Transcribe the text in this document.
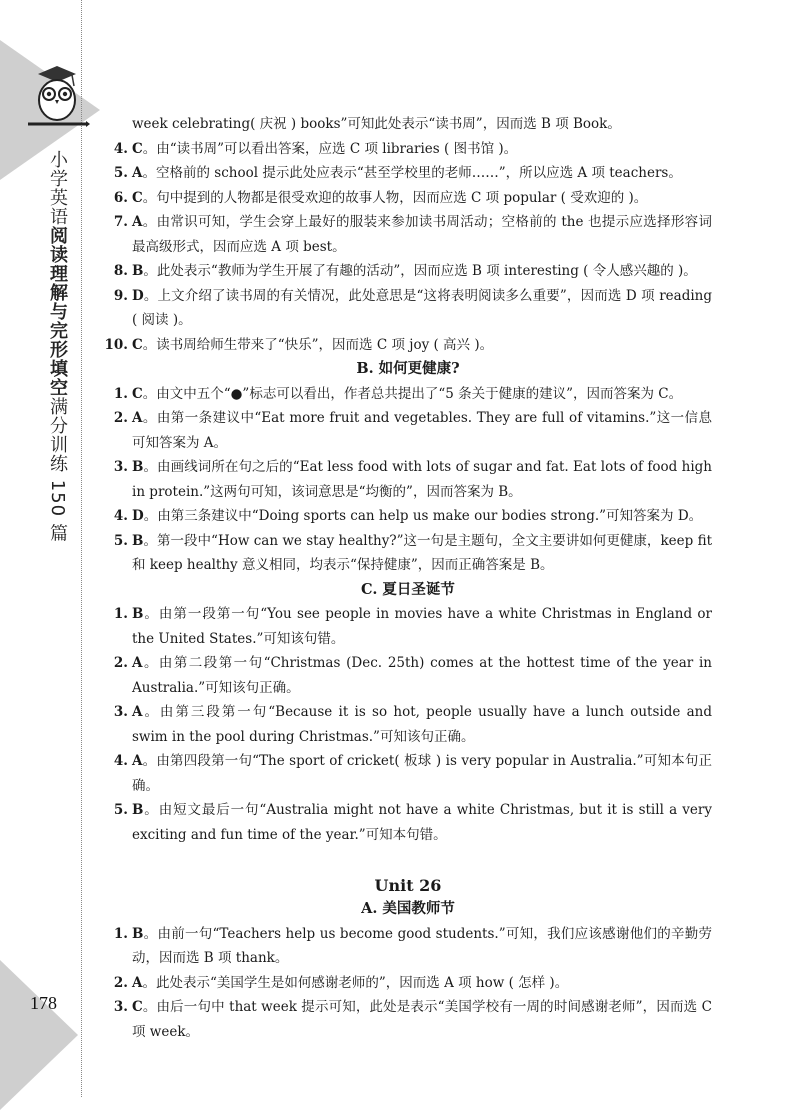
小学英语阅读理解与完形填空满分训练 150 篇
178
week celebrating( 庆祝 ) books”可知此处表示“读书周”，因而选 B 项 Book。
4. C。由“读书周”可以看出答案，应选 C 项 libraries ( 图书馆 )。
5. A。空格前的 school 提示此处应表示“甚至学校里的老师……”，所以应选 A 项 teachers。
6. C。句中提到的人物都是很受欢迎的故事人物，因而应选 C 项 popular ( 受欢迎的 )。
7. A。由常识可知，学生会穿上最好的服装来参加读书周活动；空格前的 the 也提示应选择形容词最高级形式，因而应选 A 项 best。
8. B。此处表示“教师为学生开展了有趣的活动”，因而应选 B 项 interesting ( 令人感兴趣的 )。
9. D。上文介绍了读书周的有关情况，此处意思是“这将表明阅读多么重要”，因而选 D 项 reading ( 阅读 )。
10. C。读书周给师生带来了“快乐”，因而选 C 项 joy ( 高兴 )。
B. 如何更健康?
1. C。由文中五个“●”标志可以看出，作者总共提出了“5 条关于健康的建议”，因而答案为 C。
2. A。由第一条建议中“Eat more fruit and vegetables. They are full of vitamins.”这一信息可知答案为 A。
3. B。由画线词所在句之后的“Eat less food with lots of sugar and fat. Eat lots of food high in protein.”这两句可知，该词意思是“均衡的”，因而答案为 B。
4. D。由第三条建议中“Doing sports can help us make our bodies strong.”可知答案为 D。
5. B。第一段中“How can we stay healthy?”这一句是主题句，全文主要讲如何更健康，keep fit 和 keep healthy 意义相同，均表示“保持健康”，因而正确答案是 B。
C. 夏日圣诞节
1. B。由第一段第一句“You see people in movies have a white Christmas in England or the United States.”可知该句错。
2. A。由第二段第一句“Christmas (Dec. 25th) comes at the hottest time of the year in Australia.”可知该句正确。
3. A。由第三段第一句“Because it is so hot, people usually have a lunch outside and swim in the pool during Christmas.”可知该句正确。
4. A。由第四段第一句“The sport of cricket( 板球 ) is very popular in Australia.”可知本句正确。
5. B。由短文最后一句“Australia might not have a white Christmas, but it is still a very exciting and fun time of the year.”可知本句错。
Unit 26
A. 美国教师节
1. B。由前一句“Teachers help us become good students.”可知，我们应该感谢他们的辛勤劳动，因而选 B 项 thank。
2. A。此处表示“美国学生是如何感谢老师的”，因而选 A 项 how ( 怎样 )。
3. C。由后一句中 that week 提示可知，此处是表示“美国学校有一周的时间感谢老师”，因而选 C 项 week。
